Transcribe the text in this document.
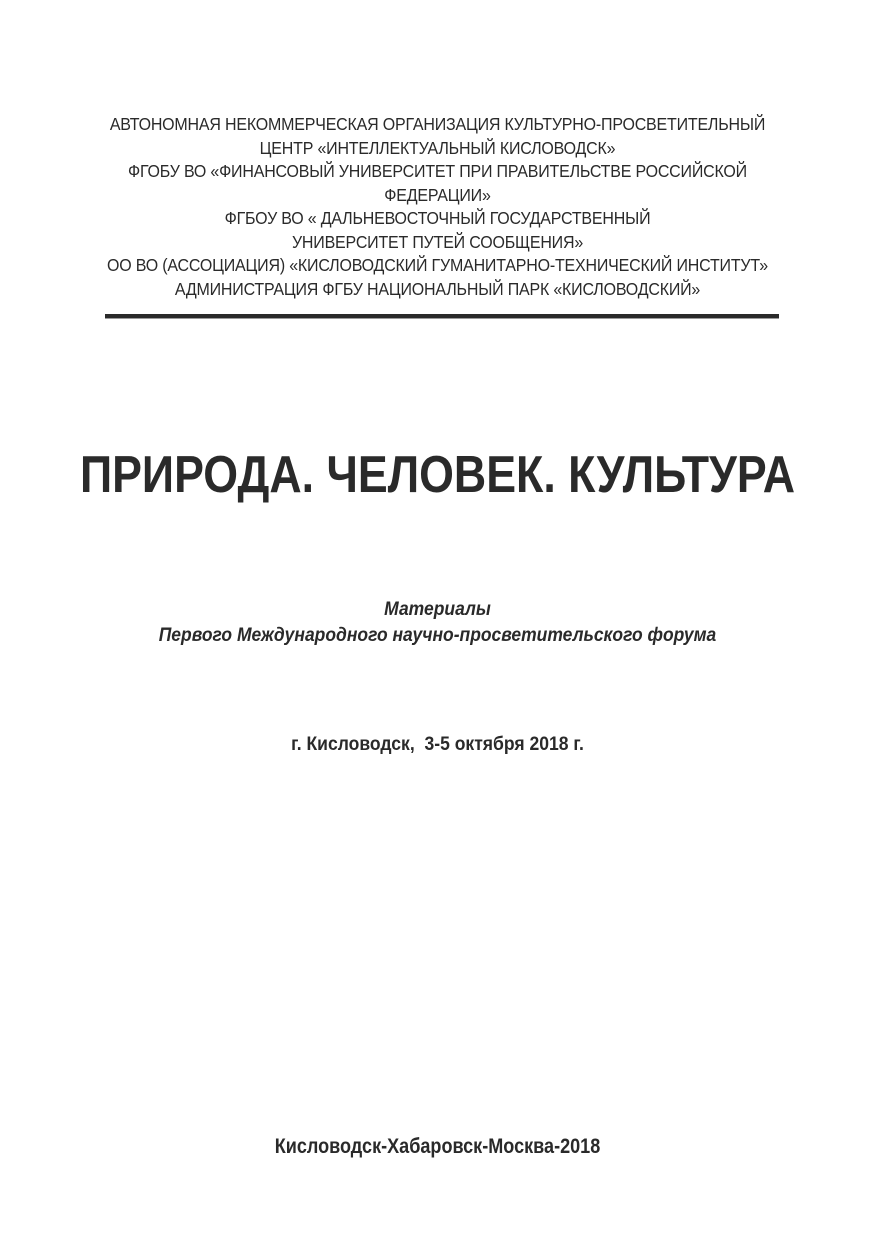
АВТОНОМНАЯ НЕКОММЕРЧЕСКАЯ ОРГАНИЗАЦИЯ КУЛЬТУРНО-ПРОСВЕТИТЕЛЬНЫЙ
ЦЕНТР «ИНТЕЛЛЕКТУАЛЬНЫЙ КИСЛОВОДСК»
ФГОБУ ВО «ФИНАНСОВЫЙ УНИВЕРСИТЕТ ПРИ ПРАВИТЕЛЬСТВЕ РОССИЙСКОЙ
ФЕДЕРАЦИИ»
ФГБОУ ВО « ДАЛЬНЕВОСТОЧНЫЙ ГОСУДАРСТВЕННЫЙ
УНИВЕРСИТЕТ ПУТЕЙ СООБЩЕНИЯ»
ОО ВО (АССОЦИАЦИЯ) «КИСЛОВОДСКИЙ ГУМАНИТАРНО-ТЕХНИЧЕСКИЙ ИНСТИТУТ»
АДМИНИСТРАЦИЯ ФГБУ НАЦИОНАЛЬНЫЙ ПАРК «КИСЛОВОДСКИЙ»
ПРИРОДА. ЧЕЛОВЕК. КУЛЬТУРА
Материалы
Первого Международного научно-просветительского форума
г. Кисловодск,  3-5 октября 2018 г.
Кисловодск-Хабаровск-Москва-2018
